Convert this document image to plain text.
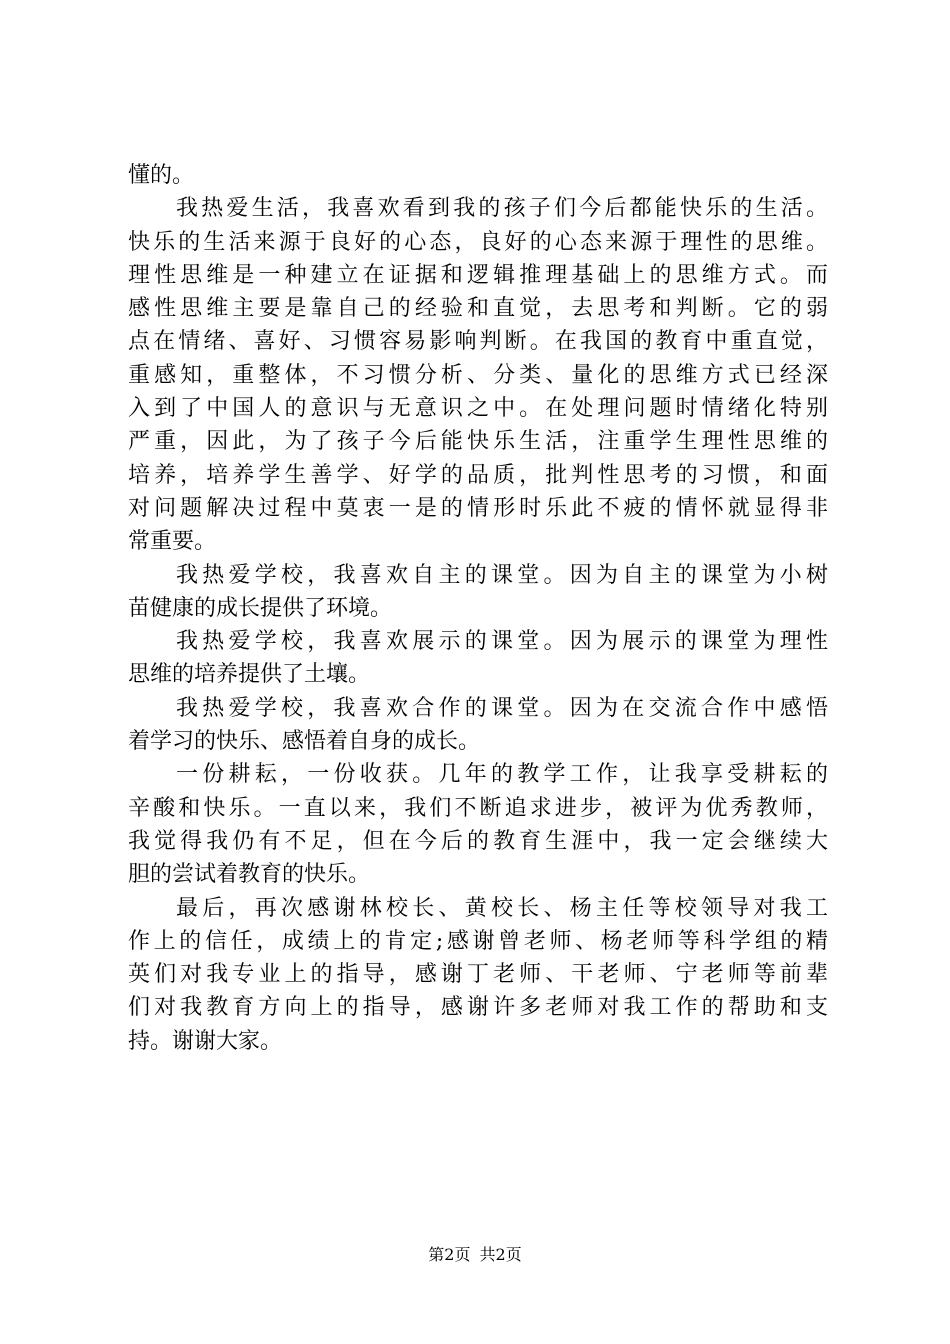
懂的。
我热爱生活，我喜欢看到我的孩子们今后都能快乐的生活。
快乐的生活来源于良好的心态，良好的心态来源于理性的思维。
理性思维是一种建立在证据和逻辑推理基础上的思维方式。而
感性思维主要是靠自己的经验和直觉，去思考和判断。它的弱
点在情绪、喜好、习惯容易影响判断。在我国的教育中重直觉，
重感知，重整体，不习惯分析、分类、量化的思维方式已经深
入到了中国人的意识与无意识之中。在处理问题时情绪化特别
严重，因此，为了孩子今后能快乐生活，注重学生理性思维的
培养，培养学生善学、好学的品质，批判性思考的习惯，和面
对问题解决过程中莫衷一是的情形时乐此不疲的情怀就显得非
常重要。
我热爱学校，我喜欢自主的课堂。因为自主的课堂为小树
苗健康的成长提供了环境。
我热爱学校，我喜欢展示的课堂。因为展示的课堂为理性
思维的培养提供了土壤。
我热爱学校，我喜欢合作的课堂。因为在交流合作中感悟
着学习的快乐、感悟着自身的成长。
一份耕耘，一份收获。几年的教学工作，让我享受耕耘的
辛酸和快乐。一直以来，我们不断追求进步，被评为优秀教师，
我觉得我仍有不足，但在今后的教育生涯中，我一定会继续大
胆的尝试着教育的快乐。
最后，再次感谢林校长、黄校长、杨主任等校领导对我工
作上的信任，成绩上的肯定;感谢曾老师、杨老师等科学组的精
英们对我专业上的指导，感谢丁老师、干老师、宁老师等前辈
们对我教育方向上的指导，感谢许多老师对我工作的帮助和支
持。谢谢大家。
第2页 共2页
